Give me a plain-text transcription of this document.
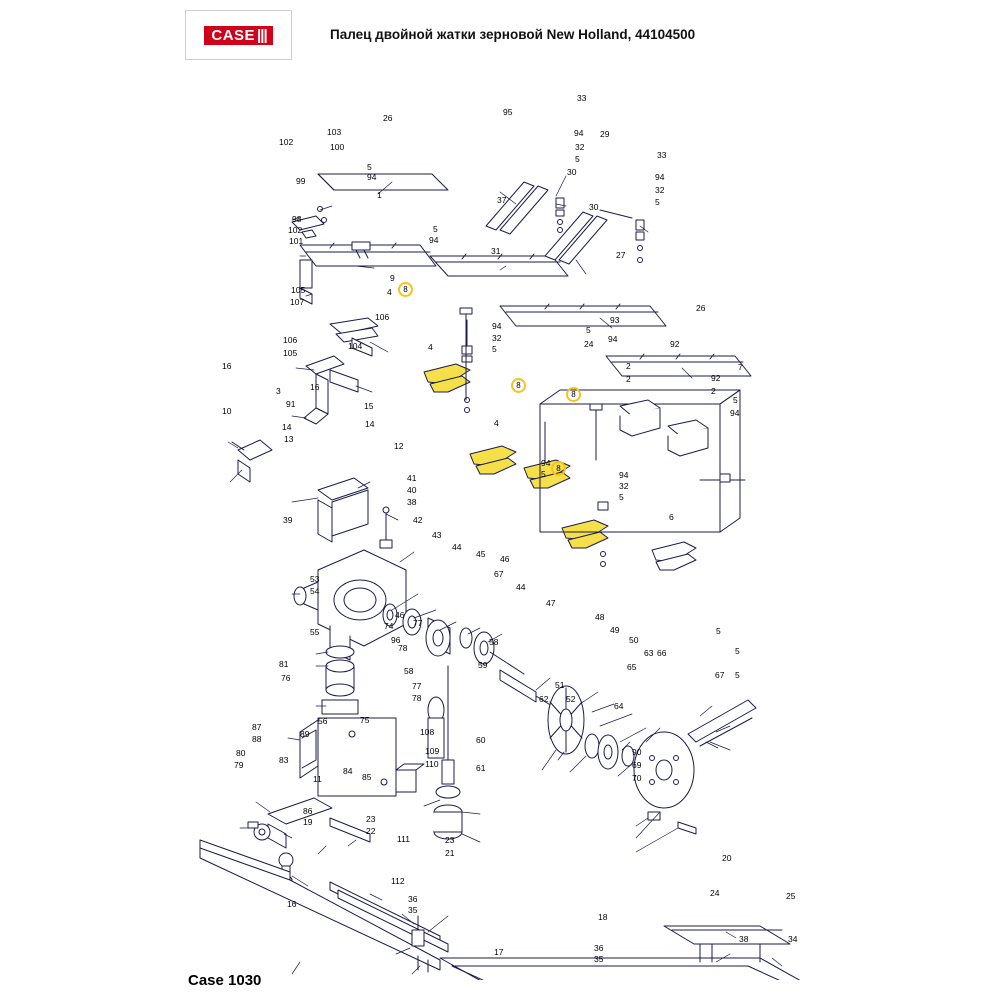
CASE |||	Палец двойной жатки зерновой New Holland, 44104500
26
103
102	100
99
5
94
1
98
102
101
95
33
94 29
32
5	33
30	94
32
5
30
37
5
94
31	27
26
9
4
105
107
106
106
105
104
16
3
10
16
91	15
14	14
13
12
94
32
5
4
93
94
5
24	92
2	7
92
2
2
5
94
4
94
5	94
32
5
6
41
40
38
39	42
43
44
45 46
67
53
54	44
47
48
46
74 77
49
50
55
96
78
58
63 66
81
76
58
59	65
67
62
51
52
64
77
78
56	75
89	108
109
110
60
61
87
88
80
79	83
84
85
11
90
69
70
5
5
5
86
19	23
22
111	23
21
112
16	36
35
17
18
36
35
20
24	25
38	34
8
8
8
8
Case 1030
